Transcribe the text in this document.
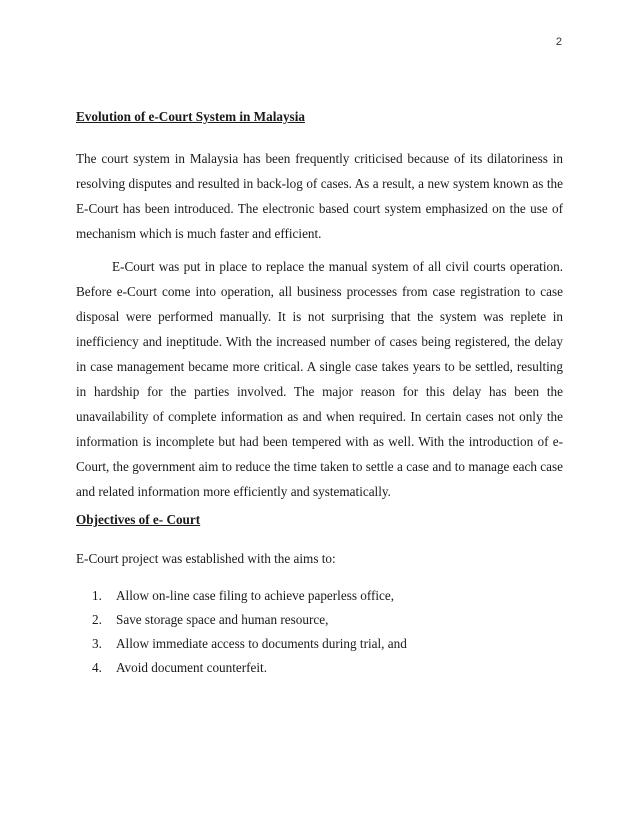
2
Evolution of e-Court System in Malaysia

The court system in Malaysia has been frequently criticised because of its dilatoriness in resolving disputes and resulted in back-log of cases. As a result, a new system known as the E-Court has been introduced. The electronic based court system emphasized on the use of mechanism which is much faster and efficient.

E-Court was put in place to replace the manual system of all civil courts operation. Before e-Court come into operation, all business processes from case registration to case disposal were performed manually. It is not surprising that the system was replete in inefficiency and ineptitude. With the increased number of cases being registered, the delay in case management became more critical. A single case takes years to be settled, resulting in hardship for the parties involved. The major reason for this delay has been the unavailability of complete information as and when required. In certain cases not only the information is incomplete but had been tempered with as well. With the introduction of e-Court, the government aim to reduce the time taken to settle a case and to manage each case and related information more efficiently and systematically.

Objectives of e- Court

E-Court project was established with the aims to:

1.	Allow on-line case filing to achieve paperless office,
2.	Save storage space and human resource,
3.	Allow immediate access to documents during trial, and
4.	Avoid document counterfeit.
